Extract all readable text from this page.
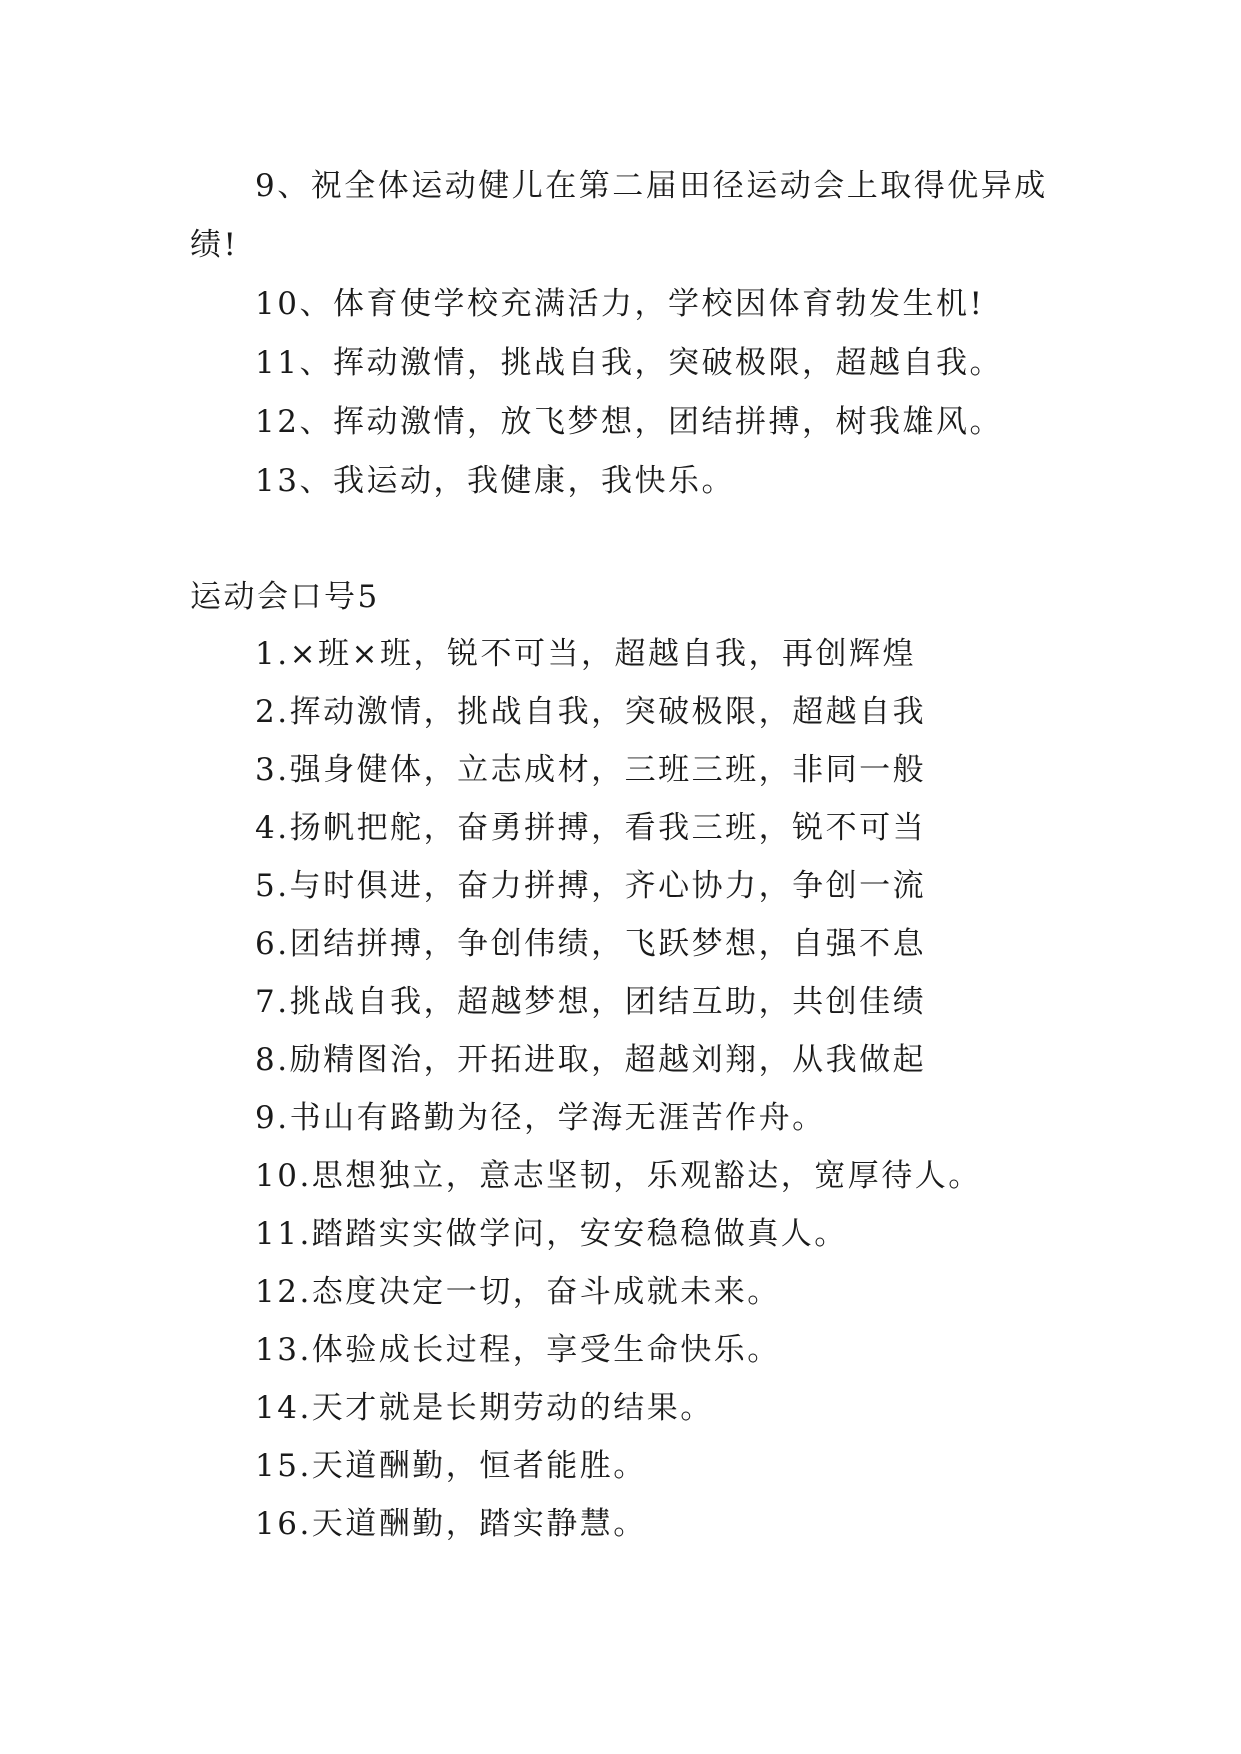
9、祝全体运动健儿在第二届田径运动会上取得优异成
绩!
10、体育使学校充满活力，学校因体育勃发生机!
11、挥动激情，挑战自我，突破极限，超越自我。
12、挥动激情，放飞梦想，团结拼搏，树我雄风。
13、我运动，我健康，我快乐。
运动会口号5
1.×班×班，锐不可当，超越自我，再创辉煌
2.挥动激情，挑战自我，突破极限，超越自我
3.强身健体，立志成材，三班三班，非同一般
4.扬帆把舵，奋勇拼搏，看我三班，锐不可当
5.与时俱进，奋力拼搏，齐心协力，争创一流
6.团结拼搏，争创伟绩，飞跃梦想，自强不息
7.挑战自我，超越梦想，团结互助，共创佳绩
8.励精图治，开拓进取，超越刘翔，从我做起
9.书山有路勤为径，学海无涯苦作舟。
10.思想独立，意志坚韧，乐观豁达，宽厚待人。
11.踏踏实实做学问，安安稳稳做真人。
12.态度决定一切，奋斗成就未来。
13.体验成长过程，享受生命快乐。
14.天才就是长期劳动的结果。
15.天道酬勤，恒者能胜。
16.天道酬勤，踏实静慧。
